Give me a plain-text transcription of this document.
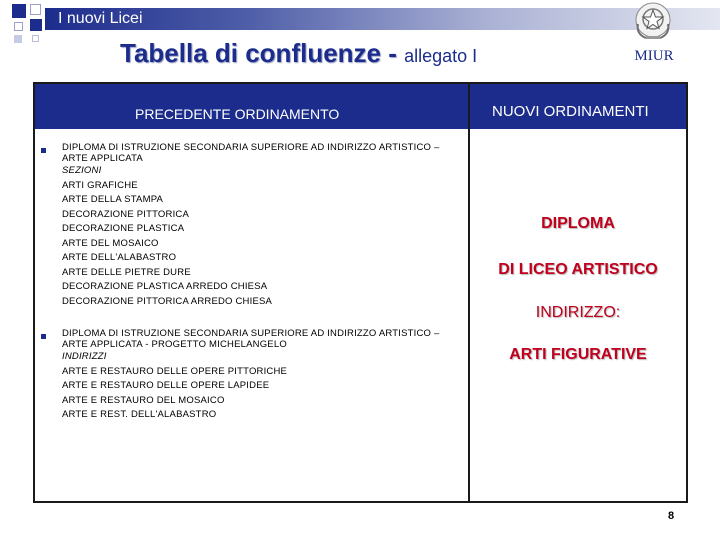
I nuovi Licei
Tabella di confluenze - allegato I	MIUR
PRECEDENTE ORDINAMENTO	NUOVI ORDINAMENTI
DIPLOMA DI ISTRUZIONE SECONDARIA SUPERIORE AD INDIRIZZO ARTISTICO – ARTE APPLICATA
SEZIONI
ARTI GRAFICHE
ARTE DELLA STAMPA
DECORAZIONE PITTORICA
DECORAZIONE PLASTICA
ARTE DEL MOSAICO
ARTE DELL'ALABASTRO
ARTE DELLE PIETRE DURE
DECORAZIONE PLASTICA ARREDO CHIESA
DECORAZIONE PITTORICA ARREDO CHIESA
DIPLOMA DI ISTRUZIONE SECONDARIA SUPERIORE AD INDIRIZZO ARTISTICO – ARTE APPLICATA - PROGETTO MICHELANGELO
INDIRIZZI
ARTE E RESTAURO DELLE OPERE PITTORICHE
ARTE E RESTAURO DELLE OPERE LAPIDEE
ARTE E RESTAURO DEL MOSAICO
ARTE E REST. DELL'ALABASTRO
DIPLOMA
DI LICEO ARTISTICO
INDIRIZZO:
ARTI FIGURATIVE
8
